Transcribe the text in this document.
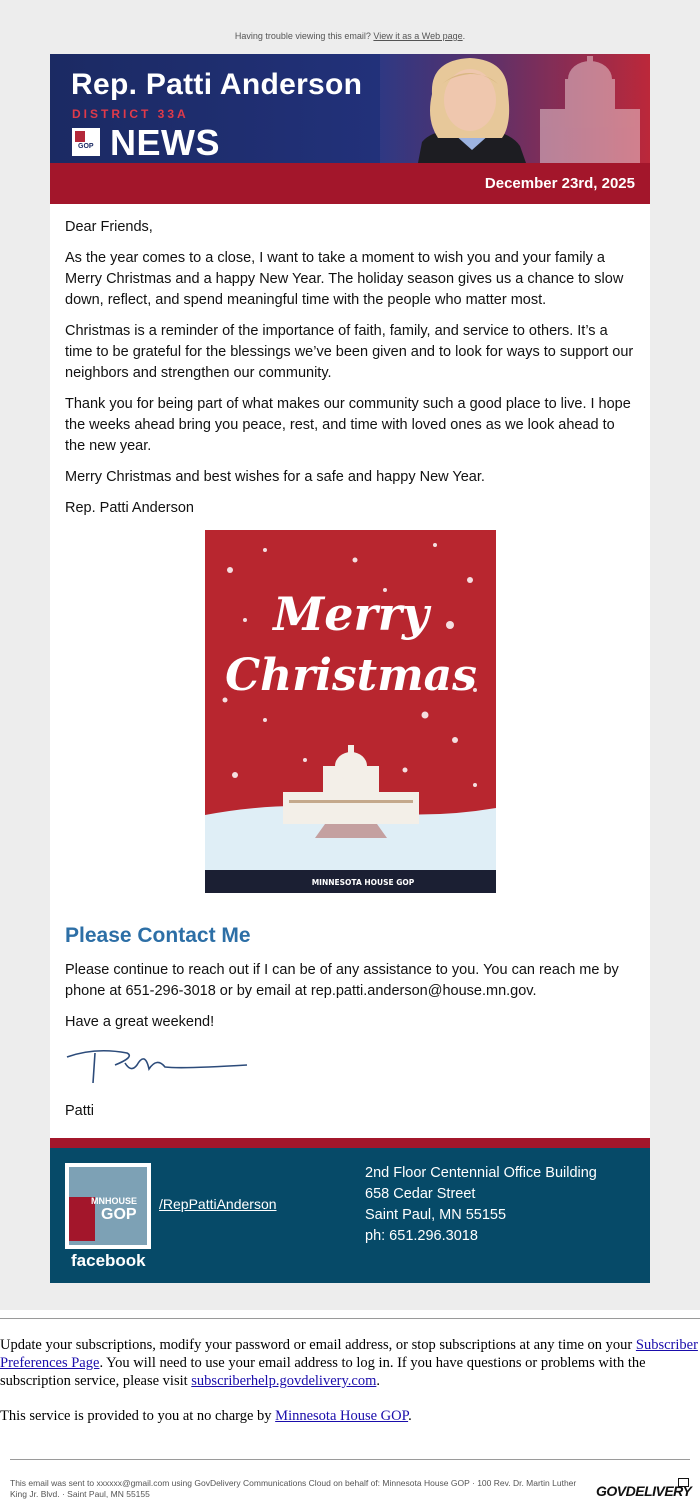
Having trouble viewing this email? View it as a Web page.
Rep. Patti Anderson
DISTRICT 33A
GOP NEWS
December 23rd, 2025

Dear Friends,

As the year comes to a close, I want to take a moment to wish you and your family a Merry Christmas and a happy New Year. The holiday season gives us a chance to slow down, reflect, and spend meaningful time with the people who matter most.

Christmas is a reminder of the importance of faith, family, and service to others. It’s a time to be grateful for the blessings we’ve been given and to look for ways to support our neighbors and strengthen our community.

Thank you for being part of what makes our community such a good place to live. I hope the weeks ahead bring you peace, rest, and time with loved ones as we look ahead to the new year.

Merry Christmas and best wishes for a safe and happy New Year.

Rep. Patti Anderson

Merry
Christmas
MINNESOTA HOUSE GOP
Please Contact Me

Please continue to reach out if I can be of any assistance to you. You can reach me by phone at 651-296-3018 or by email at rep.patti.anderson@house.mn.gov.

Have a great weekend!

Patti
MNHOUSE
GOP
facebook
/RepPattiAnderson
2nd Floor Centennial Office Building
658 Cedar Street
Saint Paul, MN 55155
ph: 651.296.3018

Update your subscriptions, modify your password or email address, or stop subscriptions at any time on your Subscriber Preferences Page. You will need to use your email address to log in. If you have questions or problems with the subscription service, please visit subscriberhelp.govdelivery.com.

This service is provided to you at no charge by Minnesota House GOP.

This email was sent to xxxxxx@gmail.com using GovDelivery Communications Cloud on behalf of: Minnesota House GOP · 100 Rev. Dr. Martin Luther King Jr. Blvd. · Saint Paul, MN 55155	GOVDELIVERY
